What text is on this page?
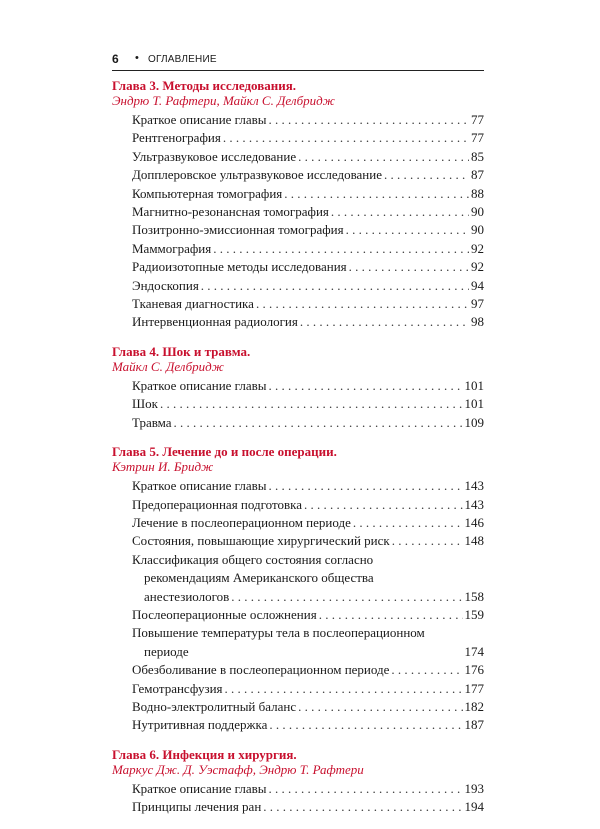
6 • ОГЛАВЛЕНИЕ
Глава 3. Методы исследования.
Эндрю Т. Рафтери, Майкл С. Делбридж
Краткое описание главы . . .	77
Рентгенография . . .	77
Ультразвуковое исследование . . .	85
Допплеровское ультразвуковое исследование . . .	87
Компьютерная томография . . .	88
Магнитно-резонансная томография . . .	90
Позитронно-эмиссионная томография . . .	90
Маммография . . .	92
Радиоизотопные методы исследования . . .	92
Эндоскопия . . .	94
Тканевая диагностика . . .	97
Интервенционная радиология . . .	98
Глава 4. Шок и травма.
Майкл С. Делбридж
Краткое описание главы . . .	101
Шок . . .	101
Травма . . .	109
Глава 5. Лечение до и после операции.
Кэтрин И. Бридж
Краткое описание главы . . .	143
Предоперационная подготовка . . .	143
Лечение в послеоперационном периоде . . .	146
Состояния, повышающие хирургический риск . . .	148
Классификация общего состояния согласно
рекомендациям Американского общества
анестезиологов . . .	158
Послеоперационные осложнения . . .	159
Повышение температуры тела в послеоперационном
периоде	174
Обезболивание в послеоперационном периоде . . .	176
Гемотрансфузия . . .	177
Водно-электролитный баланс . . .	182
Нутритивная поддержка . . .	187
Глава 6. Инфекция и хирургия.
Маркус Дж. Д. Уэстафф, Эндрю Т. Рафтери
Краткое описание главы . . .	193
Принципы лечения ран . . .	194
